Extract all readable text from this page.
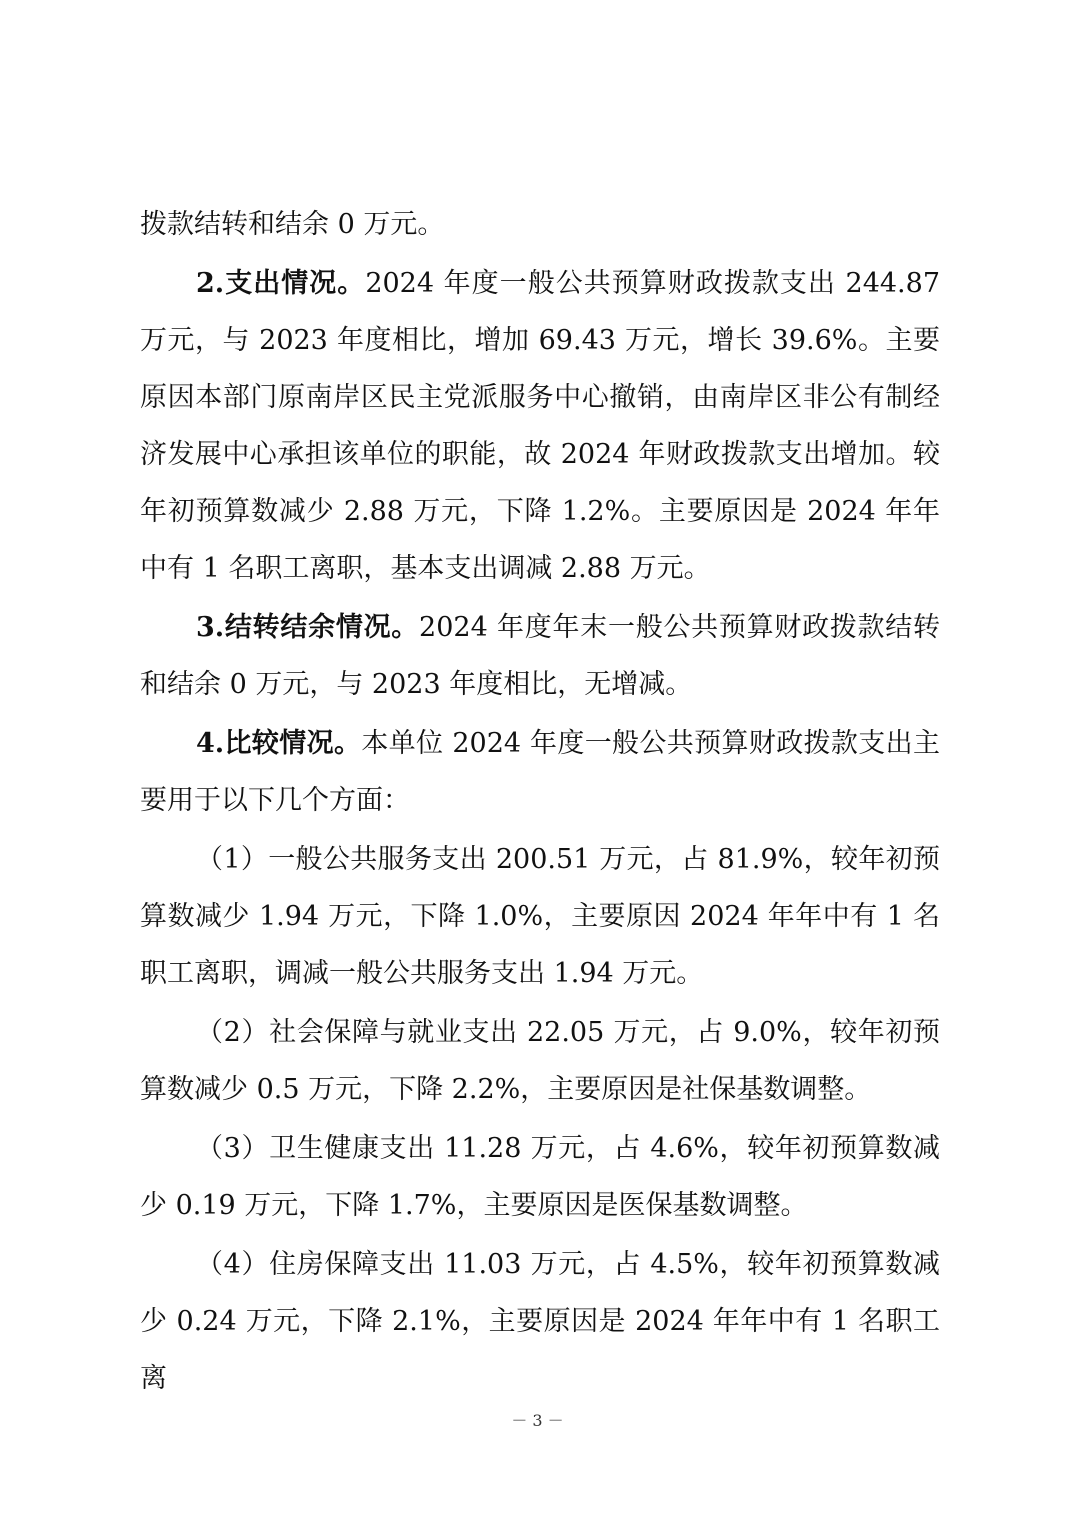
拨款结转和结余 0 万元。

2.支出情况。2024 年度一般公共预算财政拨款支出 244.87 万元，与 2023 年度相比，增加 69.43 万元，增长 39.6%。主要原因本部门原南岸区民主党派服务中心撤销，由南岸区非公有制经济发展中心承担该单位的职能，故 2024 年财政拨款支出增加。较年初预算数减少 2.88 万元，下降 1.2%。主要原因是 2024 年年中有 1 名职工离职，基本支出调减 2.88 万元。

3.结转结余情况。2024 年度年末一般公共预算财政拨款结转和结余 0 万元，与 2023 年度相比，无增减。

4.比较情况。本单位 2024 年度一般公共预算财政拨款支出主要用于以下几个方面：

（1）一般公共服务支出 200.51 万元，占 81.9%，较年初预算数减少 1.94 万元，下降 1.0%，主要原因 2024 年年中有 1 名职工离职，调减一般公共服务支出 1.94 万元。

（2）社会保障与就业支出 22.05 万元，占 9.0%，较年初预算数减少 0.5 万元，下降 2.2%，主要原因是社保基数调整。

（3）卫生健康支出 11.28 万元，占 4.6%，较年初预算数减少 0.19 万元，下降 1.7%，主要原因是医保基数调整。

（4）住房保障支出 11.03 万元，占 4.5%，较年初预算数减少 0.24 万元，下降 2.1%，主要原因是 2024 年年中有 1 名职工离

－ 3 －
